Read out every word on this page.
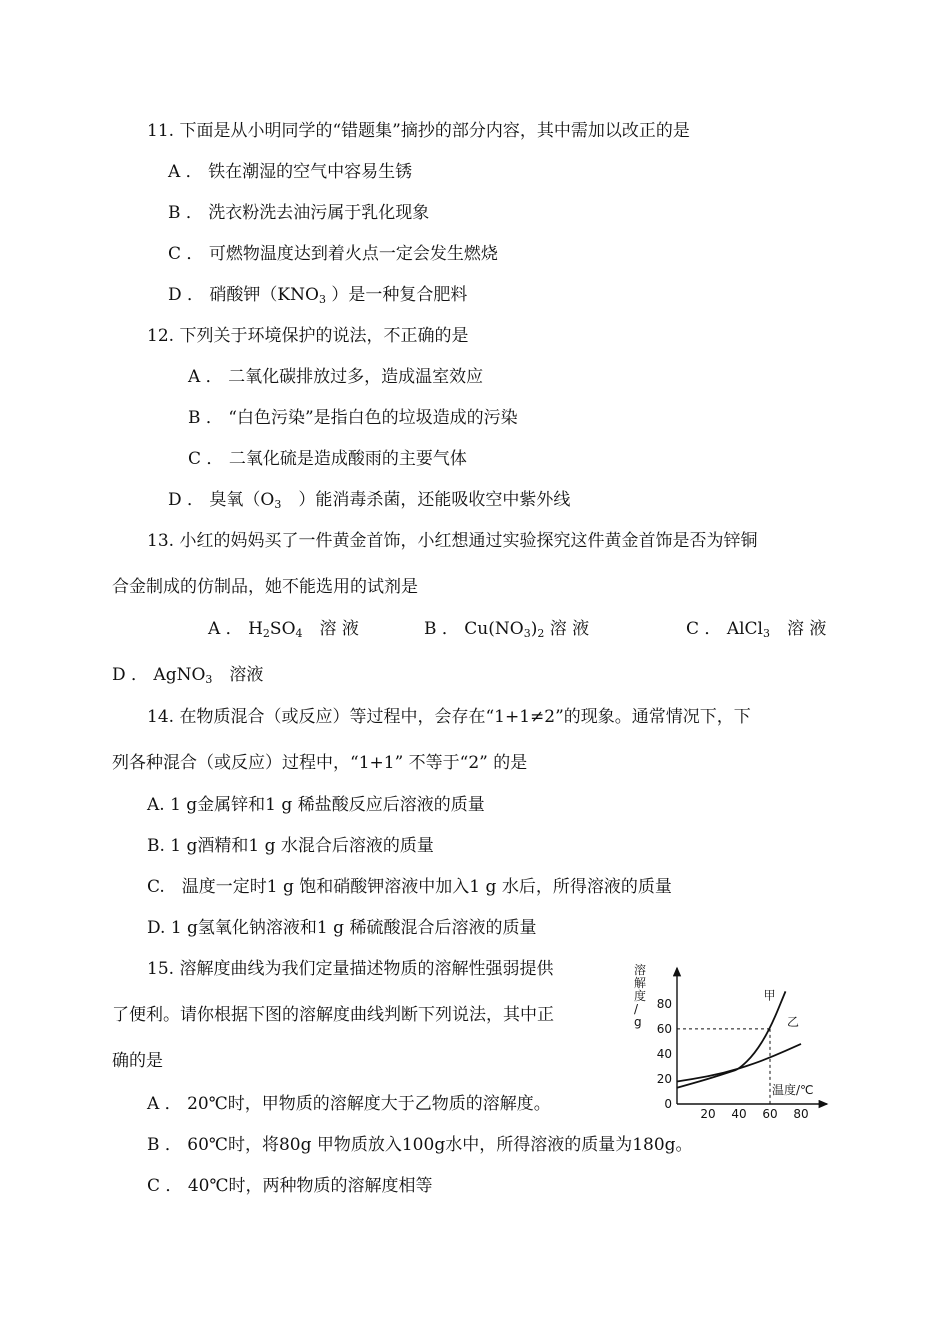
11. 下面是从小明同学的“错题集”摘抄的部分内容，其中需加以改正的是
A ． 铁在潮湿的空气中容易生锈
B ． 洗衣粉洗去油污属于乳化现象
C ． 可燃物温度达到着火点一定会发生燃烧
D ． 硝酸钾（$KNO_3$ ）是一种复合肥料
12. 下列关于环境保护的说法，不正确的是
A ． 二氧化碳排放过多，造成温室效应
B ． “白色污染”是指白色的垃圾造成的污染
C ． 二氧化硫是造成酸雨的主要气体
D ． 臭氧（$O_3$　）能消毒杀菌，还能吸收空中紫外线
13. 小红的妈妈买了一件黄金首饰，小红想通过实验探究这件黄金首饰是否为锌铜
合金制成的仿制品，她不能选用的试剂是
A ． $H_2SO_4$　溶 液	B ． $Cu(NO_3)_2$ 溶 液	C ． AlCl$_3$　溶 液
D ． AgNO$_3$　溶液
14. 在物质混合（或反应）等过程中，会存在“1+1≠2”的现象。通常情况下，下
列各种混合（或反应）过程中，“1+1” 不等于“2” 的是
A. 1 g金属锌和1 g 稀盐酸反应后溶液的质量
B. 1 g酒精和1 g 水混合后溶液的质量
C.　温度一定时1 g 饱和硝酸钾溶液中加入1 g 水后，所得溶液的质量
D. 1 g氢氧化钠溶液和1 g 稀硫酸混合后溶液的质量
15. 溶解度曲线为我们定量描述物质的溶解性强弱提供
了便利。请你根据下图的溶解度曲线判断下列说法，其中正
确的是
A ． 20℃时，甲物质的溶解度大于乙物质的溶解度。
B ． 60℃时，将80g 甲物质放入100g水中，所得溶液的质量为180g。
C ． 40℃时，两种物质的溶解度相等
溶
解
度
/
g
0
20
40
60
80
20 40 60 80
甲
乙
温度/℃
